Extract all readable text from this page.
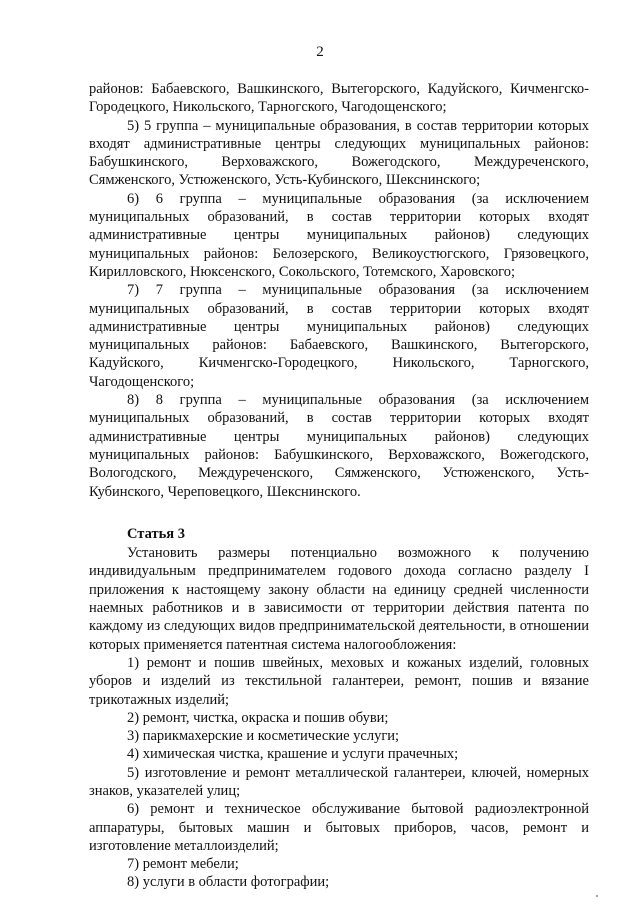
2

районов: Бабаевского, Вашкинского, Вытегорского, Кадуйского, Кичменгско-Городецкого, Никольского, Тарногского, Чагодощенского;

5) 5 группа – муниципальные образования, в состав территории которых входят административные центры следующих муниципальных районов: Бабушкинского, Верховажского, Вожегодского, Междуреченского, Сямженского, Устюженского, Усть-Кубинского, Шекснинского;

6) 6 группа – муниципальные образования (за исключением муниципальных образований, в состав территории которых входят административные центры муниципальных районов) следующих муниципальных районов: Белозерского, Великоустюгского, Грязовецкого, Кирилловского, Нюксенского, Сокольского, Тотемского, Харовского;

7) 7 группа – муниципальные образования (за исключением муниципальных образований, в состав территории которых входят административные центры муниципальных районов) следующих муниципальных районов: Бабаевского, Вашкинского, Вытегорского, Кадуйского, Кичменгско-Городецкого, Никольского, Тарногского, Чагодощенского;

8) 8 группа – муниципальные образования (за исключением муниципальных образований, в состав территории которых входят административные центры муниципальных районов) следующих муниципальных районов: Бабушкинского, Верховажского, Вожегодского, Вологодского, Междуреченского, Сямженского, Устюженского, Усть-Кубинского, Череповецкого, Шекснинского.

Статья 3

Установить размеры потенциально возможного к получению индивидуальным предпринимателем годового дохода согласно разделу I приложения к настоящему закону области на единицу средней численности наемных работников и в зависимости от территории действия патента по каждому из следующих видов предпринимательской деятельности, в отношении которых применяется патентная система налогообложения:

1) ремонт и пошив швейных, меховых и кожаных изделий, головных уборов и изделий из текстильной галантереи, ремонт, пошив и вязание трикотажных изделий;

2) ремонт, чистка, окраска и пошив обуви;

3) парикмахерские и косметические услуги;

4) химическая чистка, крашение и услуги прачечных;

5) изготовление и ремонт металлической галантереи, ключей, номерных знаков, указателей улиц;

6) ремонт и техническое обслуживание бытовой радиоэлектронной аппаратуры, бытовых машин и бытовых приборов, часов, ремонт и изготовление металлоизделий;

7) ремонт мебели;

8) услуги в области фотографии;
